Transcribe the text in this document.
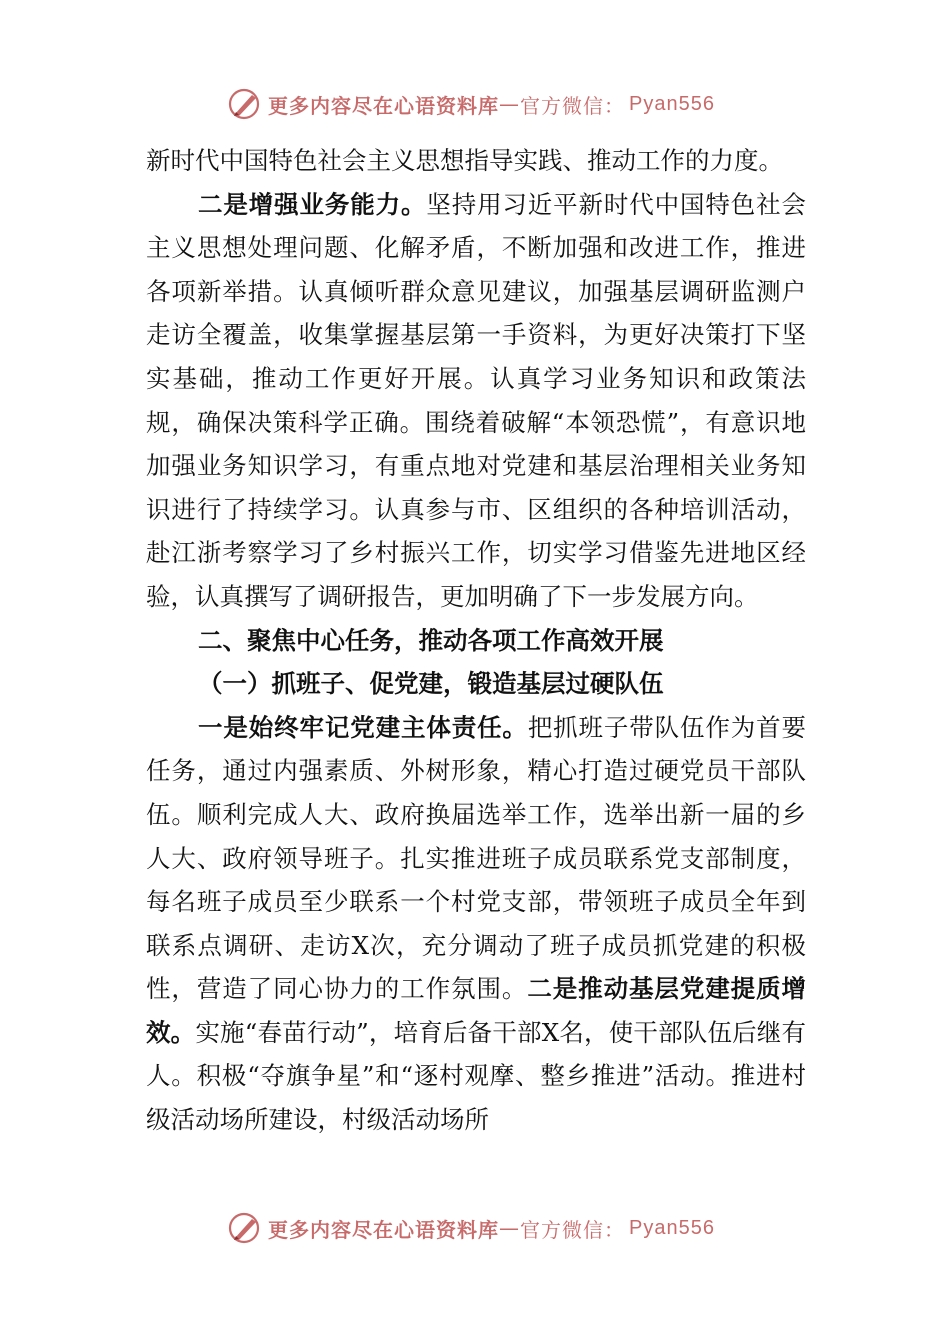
更多内容尽在心语资料库 — 官方微信： Pyan556

新时代中国特色社会主义思想指导实践、推动工作的力度。

二是增强业务能力。坚持用习近平新时代中国特色社会主义思想处理问题、化解矛盾，不断加强和改进工作，推进各项新举措。认真倾听群众意见建议，加强基层调研监测户走访全覆盖，收集掌握基层第一手资料，为更好决策打下坚实基础，推动工作更好开展。认真学习业务知识和政策法规，确保决策科学正确。围绕着破解“本领恐慌”，有意识地加强业务知识学习，有重点地对党建和基层治理相关业务知识进行了持续学习。认真参与市、区组织的各种培训活动，赴江浙考察学习了乡村振兴工作，切实学习借鉴先进地区经验，认真撰写了调研报告，更加明确了下一步发展方向。

二、聚焦中心任务，推动各项工作高效开展

（一）抓班子、促党建，锻造基层过硬队伍

一是始终牢记党建主体责任。把抓班子带队伍作为首要任务，通过内强素质、外树形象，精心打造过硬党员干部队伍。顺利完成人大、政府换届选举工作，选举出新一届的乡人大、政府领导班子。扎实推进班子成员联系党支部制度，每名班子成员至少联系一个村党支部，带领班子成员全年到联系点调研、走访X次，充分调动了班子成员抓党建的积极性，营造了同心协力的工作氛围。二是推动基层党建提质增效。实施“春苗行动”，培育后备干部X名，使干部队伍后继有人。积极“夺旗争星”和“逐村观摩、整乡推进”活动。推进村级活动场所建设，村级活动场所

更多内容尽在心语资料库 — 官方微信： Pyan556
